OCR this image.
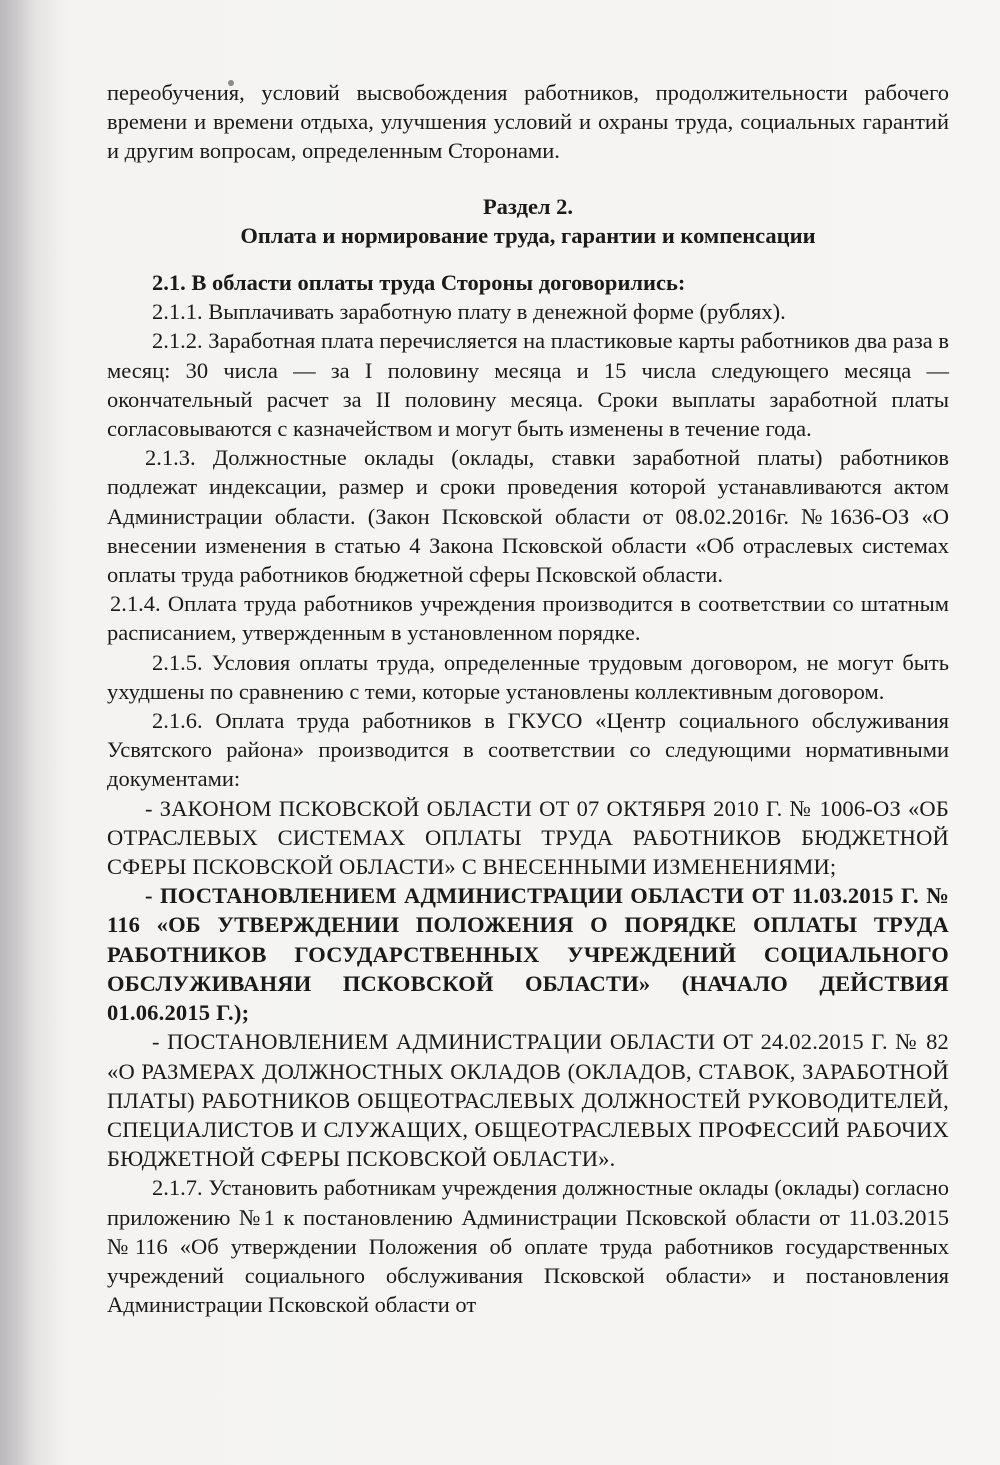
переобучения, условий высвобождения работников, продолжительности рабочего времени и времени отдыха, улучшения условий и охраны труда, социальных гарантий и другим вопросам, определенным Сторонами.

Раздел 2.

Оплата и нормирование труда, гарантии и компенсации

2.1. В области оплаты труда Стороны договорились:

2.1.1. Выплачивать заработную плату в денежной форме (рублях).

2.1.2. Заработная плата перечисляется на пластиковые карты работников два раза в месяц: 30 числа — за I половину месяца и 15 числа следующего месяца — окончательный расчет за II половину месяца. Сроки выплаты заработной платы согласовываются с казначейством и могут быть изменены в течение года.

2.1.3. Должностные оклады (оклады, ставки заработной платы) работников подлежат индексации, размер и сроки проведения которой устанавливаются актом Администрации области. (Закон Псковской области от 08.02.2016г. №1636-ОЗ «О внесении изменения в статью 4 Закона Псковской области «Об отраслевых системах оплаты труда работников бюджетной сферы Псковской области.

2.1.4. Оплата труда работников учреждения производится в соответствии со штатным расписанием, утвержденным в установленном порядке.

2.1.5. Условия оплаты труда, определенные трудовым договором, не могут быть ухудшены по сравнению с теми, которые установлены коллективным договором.

2.1.6. Оплата труда работников в ГКУСО «Центр социального обслуживания Усвятского района» производится в соответствии со следующими нормативными документами:

- ЗАКОНОМ ПСКОВСКОЙ ОБЛАСТИ ОТ 07 ОКТЯБРЯ 2010 Г. № 1006-ОЗ «ОБ ОТРАСЛЕВЫХ СИСТЕМАХ ОПЛАТЫ ТРУДА РАБОТНИКОВ БЮДЖЕТНОЙ СФЕРЫ ПСКОВСКОЙ ОБЛАСТИ» С ВНЕСЕННЫМИ ИЗМЕНЕНИЯМИ;

- ПОСТАНОВЛЕНИЕМ АДМИНИСТРАЦИИ ОБЛАСТИ ОТ 11.03.2015 Г. № 116 «ОБ УТВЕРЖДЕНИИ ПОЛОЖЕНИЯ О ПОРЯДКЕ ОПЛАТЫ ТРУДА РАБОТНИКОВ ГОСУДАРСТВЕННЫХ УЧРЕЖДЕНИЙ СОЦИАЛЬНОГО ОБСЛУЖИВАНЯИ ПСКОВСКОЙ ОБЛАСТИ» (НАЧАЛО ДЕЙСТВИЯ 01.06.2015 Г.);

- ПОСТАНОВЛЕНИЕМ АДМИНИСТРАЦИИ ОБЛАСТИ ОТ 24.02.2015 Г. № 82 «О РАЗМЕРАХ ДОЛЖНОСТНЫХ ОКЛАДОВ (ОКЛАДОВ, СТАВОК, ЗАРАБОТНОЙ ПЛАТЫ) РАБОТНИКОВ ОБЩЕОТРАСЛЕВЫХ ДОЛЖНОСТЕЙ РУКОВОДИТЕЛЕЙ, СПЕЦИАЛИСТОВ И СЛУЖАЩИХ, ОБЩЕОТРАСЛЕВЫХ ПРОФЕССИЙ РАБОЧИХ БЮДЖЕТНОЙ СФЕРЫ ПСКОВСКОЙ ОБЛАСТИ».

2.1.7. Установить работникам учреждения должностные оклады (оклады) согласно приложению №1 к постановлению Администрации Псковской области от 11.03.2015 №116 «Об утверждении Положения об оплате труда работников государственных учреждений социального обслуживания Псковской области» и постановления Администрации Псковской области от
